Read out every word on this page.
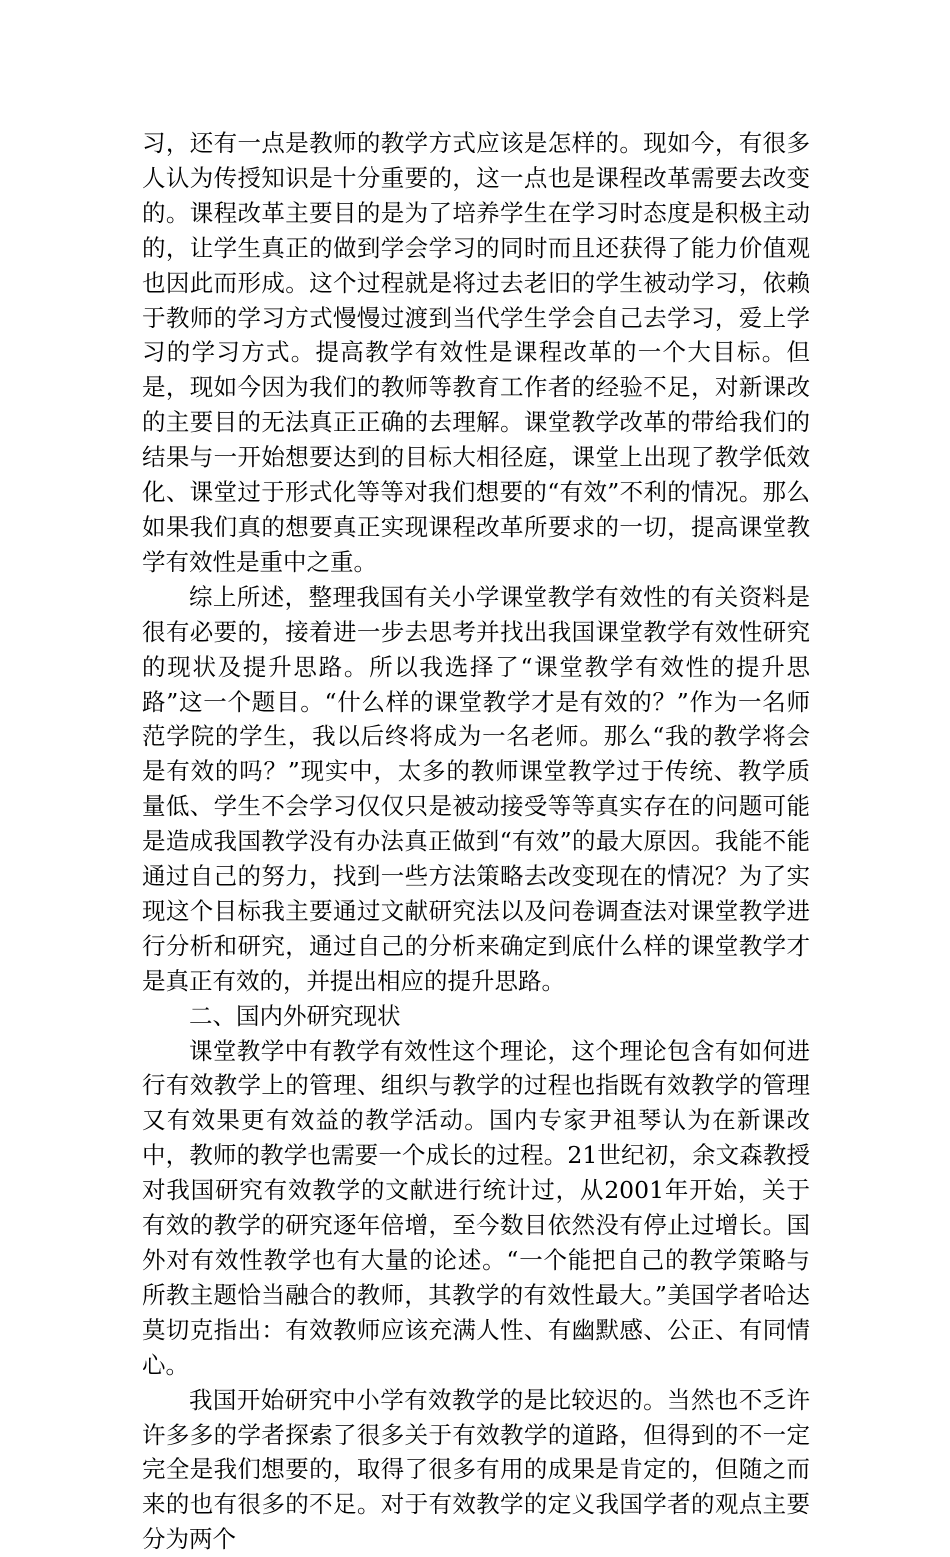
习，还有一点是教师的教学方式应该是怎样的。现如今，有很多人认为传授知识是十分重要的，这一点也是课程改革需要去改变的。课程改革主要目的是为了培养学生在学习时态度是积极主动的，让学生真正的做到学会学习的同时而且还获得了能力价值观也因此而形成。这个过程就是将过去老旧的学生被动学习，依赖于教师的学习方式慢慢过渡到当代学生学会自己去学习，爱上学习的学习方式。提高教学有效性是课程改革的一个大目标。但是，现如今因为我们的教师等教育工作者的经验不足，对新课改的主要目的无法真正正确的去理解。课堂教学改革的带给我们的结果与一开始想要达到的目标大相径庭，课堂上出现了教学低效化、课堂过于形式化等等对我们想要的“有效”不利的情况。那么如果我们真的想要真正实现课程改革所要求的一切，提高课堂教学有效性是重中之重。

综上所述，整理我国有关小学课堂教学有效性的有关资料是很有必要的，接着进一步去思考并找出我国课堂教学有效性研究的现状及提升思路。所以我选择了“课堂教学有效性的提升思路”这一个题目。“什么样的课堂教学才是有效的？”作为一名师范学院的学生，我以后终将成为一名老师。那么“我的教学将会是有效的吗？”现实中，太多的教师课堂教学过于传统、教学质量低、学生不会学习仅仅只是被动接受等等真实存在的问题可能是造成我国教学没有办法真正做到“有效”的最大原因。我能不能通过自己的努力，找到一些方法策略去改变现在的情况？为了实现这个目标我主要通过文献研究法以及问卷调查法对课堂教学进行分析和研究，通过自己的分析来确定到底什么样的课堂教学才是真正有效的，并提出相应的提升思路。

二、国内外研究现状

课堂教学中有教学有效性这个理论，这个理论包含有如何进行有效教学上的管理、组织与教学的过程也指既有效教学的管理又有效果更有效益的教学活动。国内专家尹祖琴认为在新课改中，教师的教学也需要一个成长的过程。21世纪初，余文森教授对我国研究有效教学的文献进行统计过，从2001年开始，关于有效的教学的研究逐年倍增，至今数目依然没有停止过增长。国外对有效性教学也有大量的论述。“一个能把自己的教学策略与所教主题恰当融合的教师，其教学的有效性最大。”美国学者哈达莫切克指出：有效教师应该充满人性、有幽默感、公正、有同情心。

我国开始研究中小学有效教学的是比较迟的。当然也不乏许许多多的学者探索了很多关于有效教学的道路，但得到的不一定完全是我们想要的，取得了很多有用的成果是肯定的，但随之而来的也有很多的不足。对于有效教学的定义我国学者的观点主要分为两个
